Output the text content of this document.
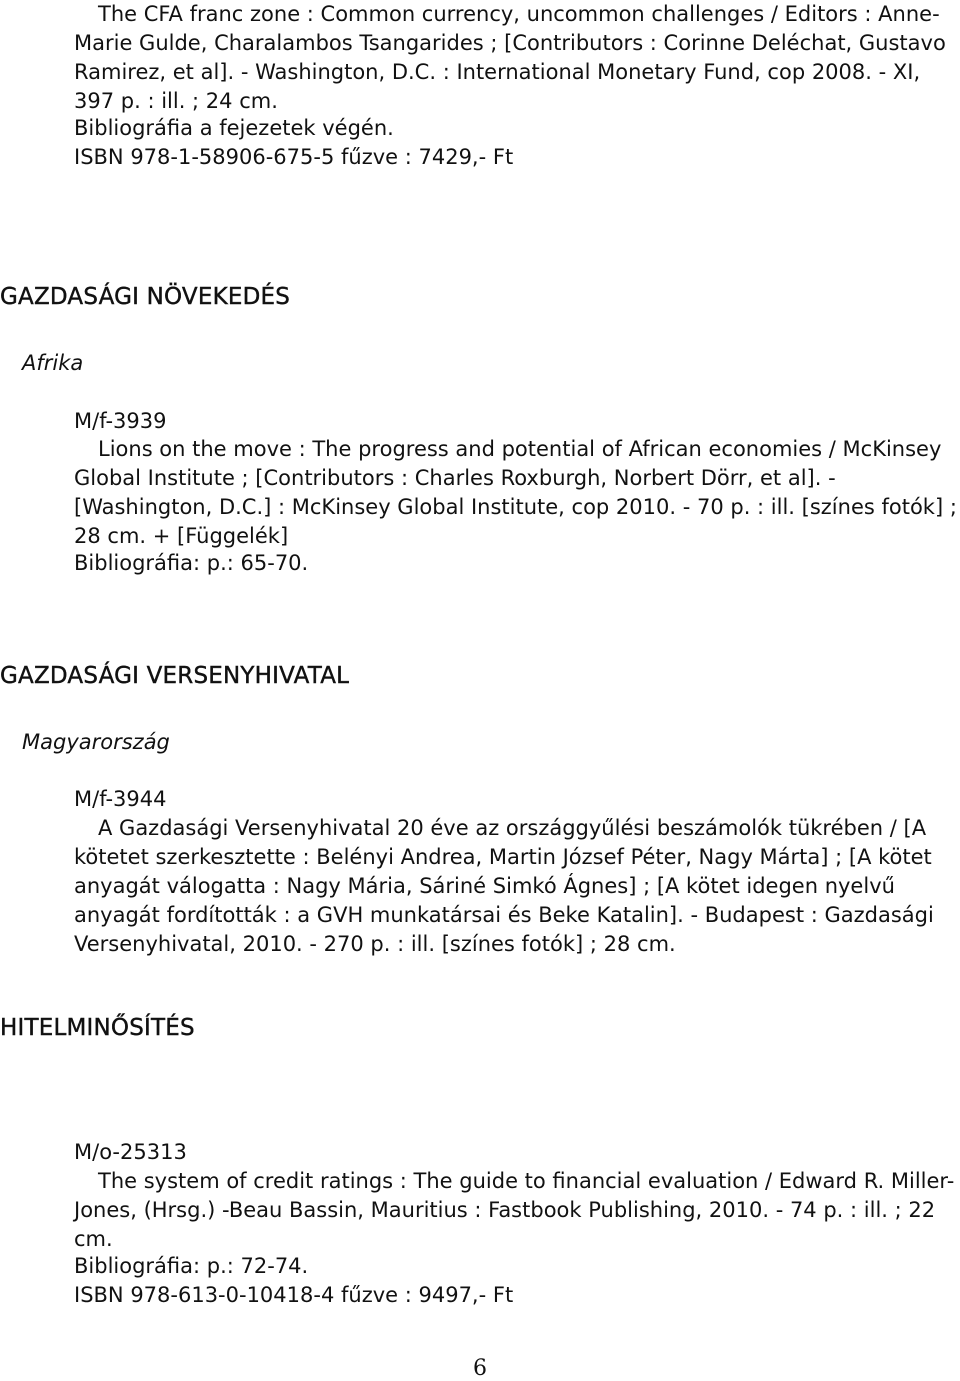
The CFA franc zone : Common currency, uncommon challenges / Editors : Anne-Marie Gulde, Charalambos Tsangarides ; [Contributors : Corinne Deléchat, Gustavo Ramirez, et al]. - Washington, D.C. : International Monetary Fund, cop 2008. - XI, 397 p. : ill. ; 24 cm.
Bibliográfia a fejezetek végén.
ISBN 978-1-58906-675-5 fűzve : 7429,- Ft
GAZDASÁGI NÖVEKEDÉS
Afrika
M/f-3939
Lions on the move : The progress and potential of African economies / McKinsey Global Institute ; [Contributors : Charles Roxburgh, Norbert Dörr, et al]. - [Washington, D.C.] : McKinsey Global Institute, cop 2010. - 70 p. : ill. [színes fotók] ; 28 cm. + [Függelék]
Bibliográfia: p.: 65-70.
GAZDASÁGI VERSENYHIVATAL
Magyarország
M/f-3944
A Gazdasági Versenyhivatal 20 éve az országgyűlési beszámolók tükrében / [A kötetet szerkesztette : Belényi Andrea, Martin József Péter, Nagy Márta] ; [A kötet anyagát válogatta : Nagy Mária, Sáriné Simkó Ágnes] ; [A kötet idegen nyelvű anyagát fordították : a GVH munkatársai és Beke Katalin]. - Budapest : Gazdasági Versenyhivatal, 2010. - 270 p. : ill. [színes fotók] ; 28 cm.
HITELMINŐSÍTÉS
M/o-25313
The system of credit ratings : The guide to financial evaluation / Edward R. Miller-Jones, (Hrsg.) -Beau Bassin, Mauritius : Fastbook Publishing, 2010. - 74 p. : ill. ; 22 cm.
Bibliográfia: p.: 72-74.
ISBN 978-613-0-10418-4 fűzve : 9497,- Ft
6
